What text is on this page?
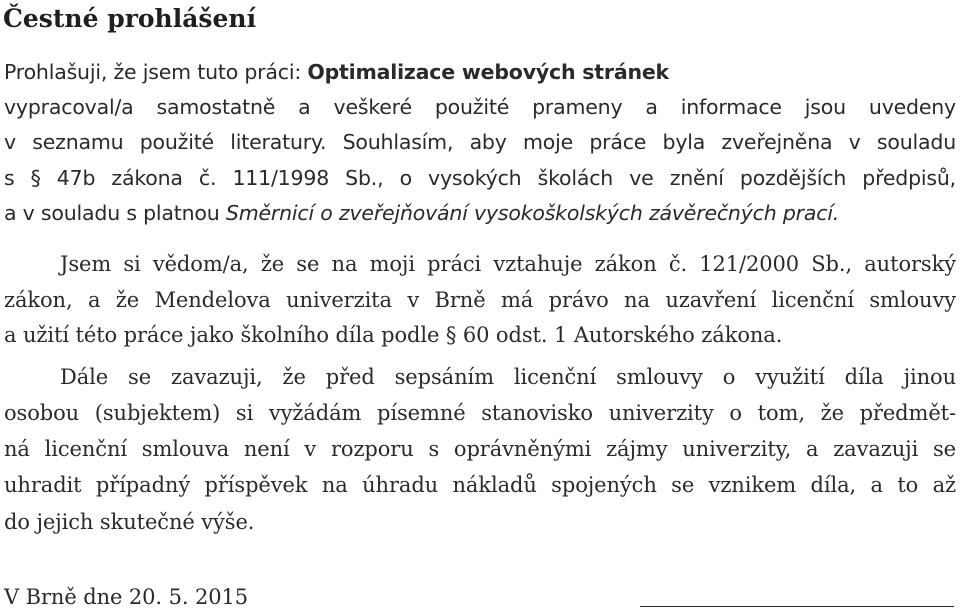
Čestné prohlášení
Prohlašuji, že jsem tuto práci: Optimalizace webových stránek
vypracoval/a samostatně a veškeré použité prameny a informace jsou uvedeny
v seznamu použité literatury. Souhlasím, aby moje práce byla zveřejněna v souladu
s § 47b zákona č. 111/1998 Sb., o vysokých školách ve znění pozdějších předpisů,
a v souladu s platnou Směrnicí o zveřejňování vysokoškolských závěrečných prací.
Jsem si vědom/a, že se na moji práci vztahuje zákon č. 121/2000 Sb., autorský
zákon, a že Mendelova univerzita v Brně má právo na uzavření licenční smlouvy
a užití této práce jako školního díla podle § 60 odst. 1 Autorského zákona.
Dále se zavazuji, že před sepsáním licenční smlouvy o využití díla jinou
osobou (subjektem) si vyžádám písemné stanovisko univerzity o tom, že předmět-
ná licenční smlouva není v rozporu s oprávněnými zájmy univerzity, a zavazuji se
uhradit případný příspěvek na úhradu nákladů spojených se vznikem díla, a to až
do jejich skutečné výše.
V Brně dne 20. 5. 2015
